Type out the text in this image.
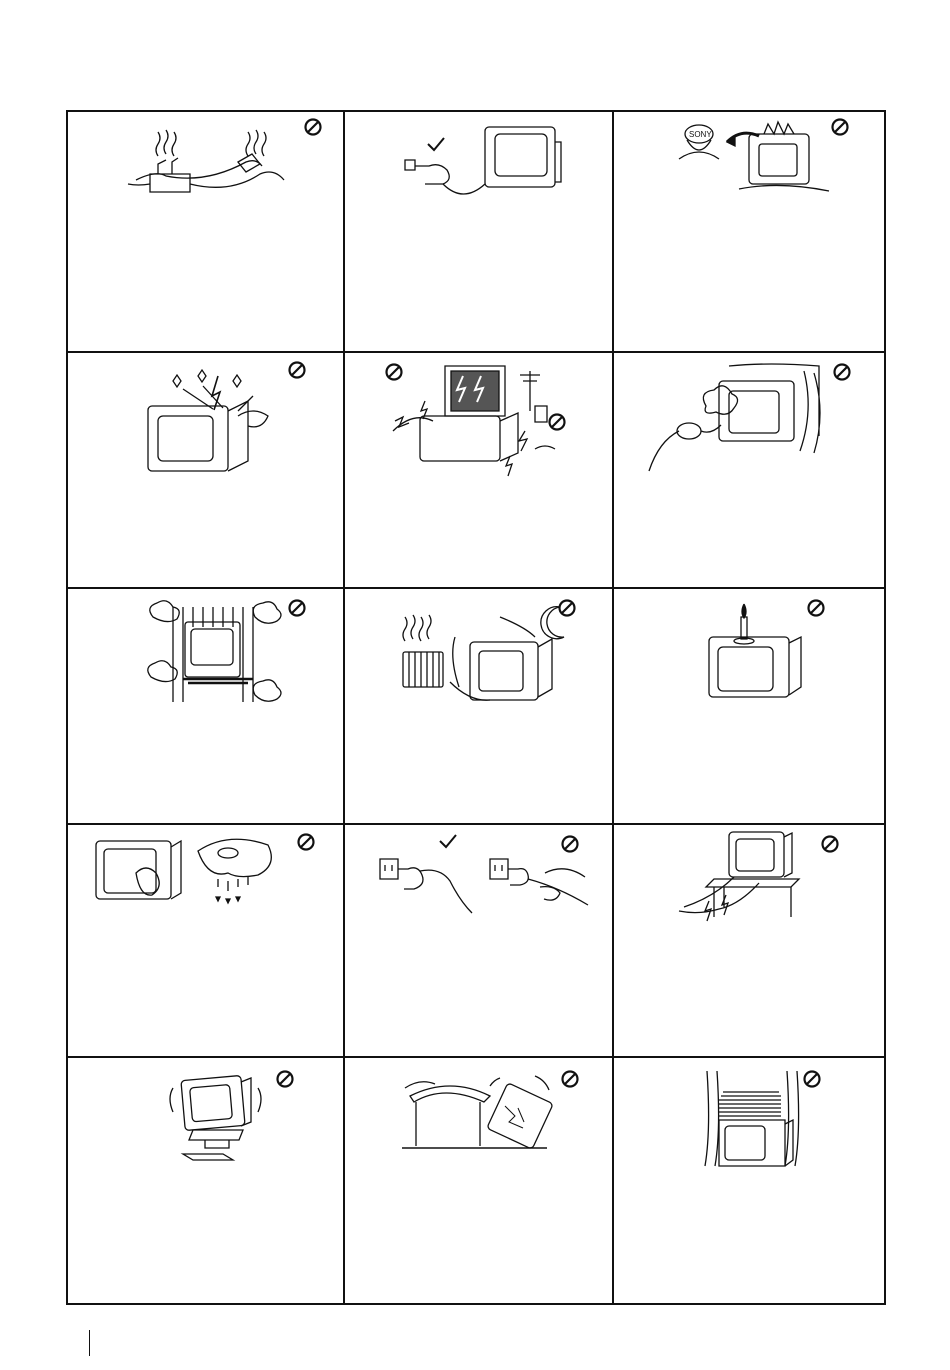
SONY
